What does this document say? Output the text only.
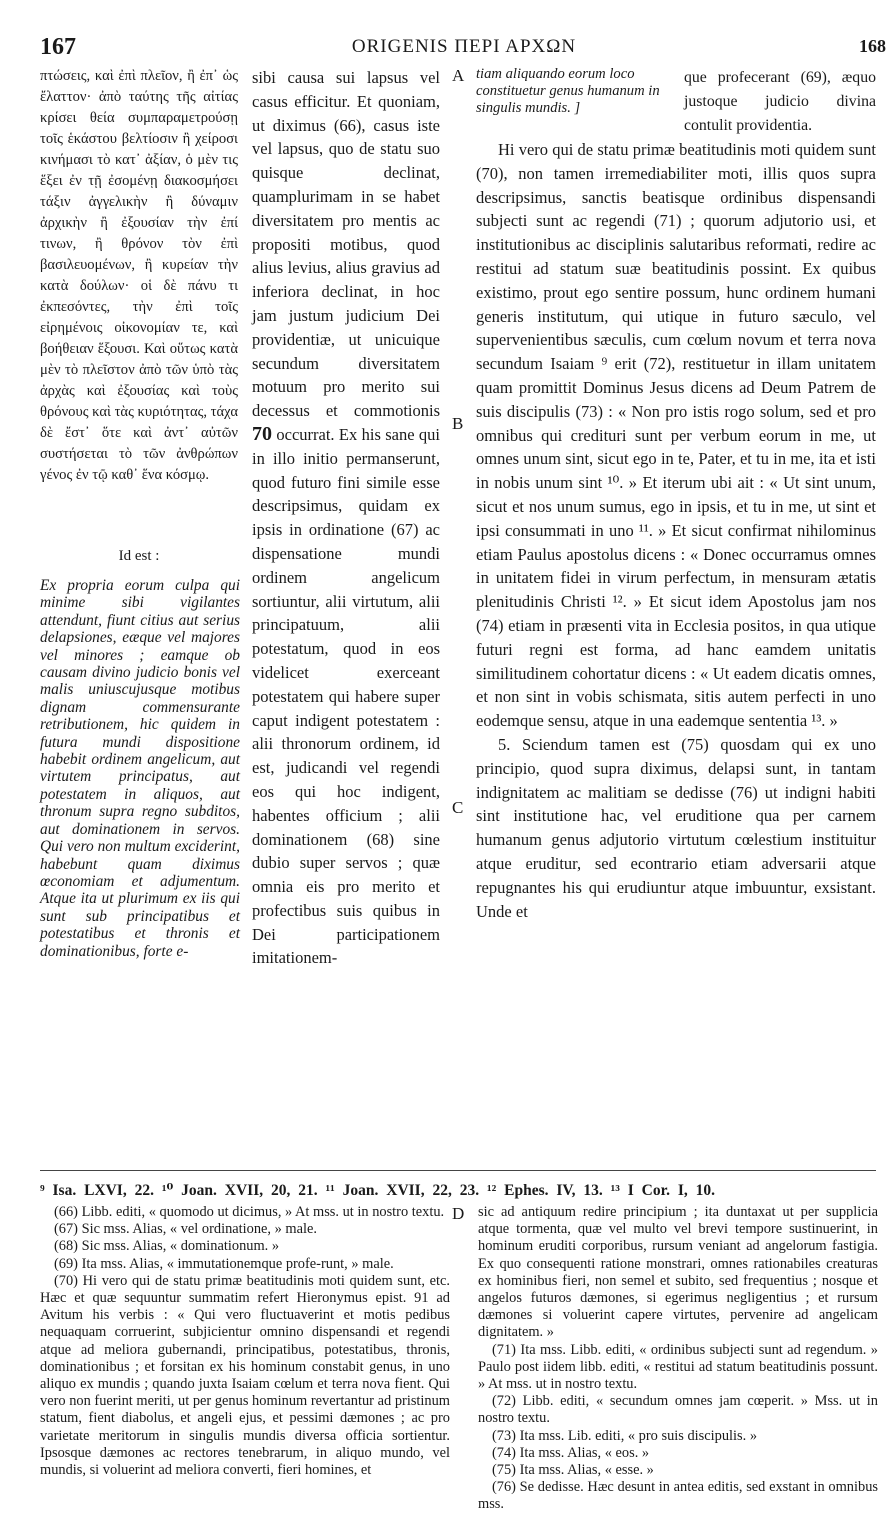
167	ORIGENIS ΠΕΡΙ ΑΡΧΩΝ	168
πτώσεις, καὶ ἐπὶ πλεῖον, ἢ ἐπ᾽ ὡς ἔλαττον· ἀπὸ ταύτης τῆς αἰτίας κρίσει θεία συμπαραμετρούσῃ τοῖς ἑκάστου βελτίοσιν ἢ χείροσι κινήμασι τὸ κατ᾽ ἀξίαν, ὁ μὲν τις ἕξει ἐν τῇ ἐσομένῃ διακοσμήσει τάξιν ἀγγελικὴν ἢ δύναμιν ἀρχικὴν ἢ ἐξουσίαν τὴν ἐπί τινων, ἢ θρόνον τὸν ἐπὶ βασιλευομένων, ἢ κυρείαν τὴν κατὰ δούλων· οἱ δὲ πάνυ τι ἐκπεσόντες, τὴν ἐπὶ τοῖς εἰρημένοις οἰκονομίαν τε, καὶ βοήθειαν ἕξουσι. Καὶ οὕτως κατὰ μὲν τὸ πλεῖστον ἀπὸ τῶν ὑπὸ τὰς ἀρχὰς καὶ ἐξουσίας καὶ τοὺς θρόνους καὶ τὰς κυριότητας, τάχα δὲ ἔστ᾽ ὅτε καὶ ἀντ᾽ αὐτῶν συστήσεται τὸ τῶν ἀνθρώπων γένος ἐν τῷ καθ᾽ ἕνα κόσμῳ.
Id est :
Ex propria eorum culpa qui minime sibi vigilantes attendunt, fiunt citius aut serius delapsiones, eæque vel majores vel minores ; eamque ob causam divino judicio bonis vel malis uniuscujusque motibus dignam commensurante retributionem, hic quidem in futura mundi dispositione habebit ordinem angelicum, aut virtutem principatus, aut potestatem in aliquos, aut thronum supra regno subditos, aut dominationem in servos. Qui vero non multum exciderint, habebunt quam diximus œconomiam et adjumentum. Atque ita ut plurimum ex iis qui sunt sub principatibus et potestatibus et thronis et dominationibus, forte e-
sibi causa sui lapsus vel casus efficitur. Et quoniam, ut diximus (66), casus iste vel lapsus, quo de statu suo quisque declinat, quamplurimam in se habet diversitatem pro mentis ac propositi motibus, quod alius levius, alius gravius ad inferiora declinat, in hoc jam justum judicium Dei providentiæ, ut unicuique secundum diversitatem motuum pro merito sui decessus et commotionis 70 occurrat. Ex his sane qui in illo initio permanserunt, quod futuro fini simile esse descripsimus, quidam ex ipsis in ordinatione (67) ac dispensatione mundi ordinem angelicum sortiuntur, alii virtutum, alii principatuum, alii potestatum, quod in eos videlicet exerceant potestatem qui habere super caput indigent potestatem : alii thronorum ordinem, id est, judicandi vel regendi eos qui hoc indigent, habentes officium ; alii dominationem (68) sine dubio super servos ; quæ omnia eis pro merito et profectibus suis quibus in Dei participationem imitationem-
A
B
C
D
tiam aliquando eorum loco constituetur genus humanum in singulis mundis. ]
que profecerant (69), æquo justoque judicio divina contulit providentia.

Hi vero qui de statu primæ beatitudinis moti quidem sunt (70), non tamen irremediabiliter moti, illis quos supra descripsimus, sanctis beatisque ordinibus dispensandi subjecti sunt ac regendi (71) ; quorum adjutorio usi, et institutionibus ac disciplinis salutaribus reformati, redire ac restitui ad statum suæ beatitudinis possint. Ex quibus existimo, prout ego sentire possum, hunc ordinem humani generis institutum, qui utique in futuro sæculo, vel supervenientibus sæculis, cum cœlum novum et terra nova secundum Isaiam ⁹ erit (72), restituetur in illam unitatem quam promittit Dominus Jesus dicens ad Deum Patrem de suis discipulis (73) : « Non pro istis rogo solum, sed et pro omnibus qui credituri sunt per verbum eorum in me, ut omnes unum sint, sicut ego in te, Pater, et tu in me, ita et isti in nobis unum sint ¹⁰. » Et iterum ubi ait : « Ut sint unum, sicut et nos unum sumus, ego in ipsis, et tu in me, ut sint et ipsi consummati in uno ¹¹. » Et sicut confirmat nihilominus etiam Paulus apostolus dicens : « Donec occurramus omnes in unitatem fidei in virum perfectum, in mensuram ætatis plenitudinis Christi ¹². » Et sicut idem Apostolus jam nos (74) etiam in præsenti vita in Ecclesia positos, in qua utique futuri regni est forma, ad hanc eamdem unitatis similitudinem cohortatur dicens : « Ut eadem dicatis omnes, et non sint in vobis schismata, sitis autem perfecti in uno eodemque sensu, atque in una eademque sententia ¹³. »

5. Sciendum tamen est (75) quosdam qui ex uno principio, quod supra diximus, delapsi sunt, in tantam indignitatem ac malitiam se dedisse (76) ut indigni habiti sint institutione hac, vel eruditione qua per carnem humanum genus adjutorio virtutum cœlestium instituitur atque eruditur, sed econtrario etiam adversarii atque repugnantes his qui erudiuntur atque imbuuntur, exsistant. Unde et

⁹ Isa. LXVI, 22. ¹⁰ Joan. XVII, 20, 21. ¹¹ Joan. XVII, 22, 23. ¹² Ephes. IV, 13. ¹³ I Cor. I, 10.

(66) Libb. editi, « quomodo ut dicimus, » At mss. ut in nostro textu.

(67) Sic mss. Alias, « vel ordinatione, » male.

(68) Sic mss. Alias, « dominationum. »

(69) Ita mss. Alias, « immutationemque profe-runt, » male.

(70) Hi vero qui de statu primæ beatitudinis moti quidem sunt, etc. Hæc et quæ sequuntur summatim refert Hieronymus epist. 91 ad Avitum his verbis : « Qui vero fluctuaverint et motis pedibus nequaquam corruerint, subjicientur omnino dispensandi et regendi atque ad meliora gubernandi, principatibus, potestatibus, thronis, dominationibus ; et forsitan ex his hominum constabit genus, in uno aliquo ex mundis ; quando juxta Isaiam cœlum et terra nova fient. Qui vero non fuerint meriti, ut per genus hominum revertantur ad pristinum statum, fient diabolus, et angeli ejus, et pessimi dæmones ; ac pro varietate meritorum in singulis mundis diversa officia sortientur. Ipsosque dæmones ac rectores tenebrarum, in aliquo mundo, vel mundis, si voluerint ad meliora converti, fieri homines, et

sic ad antiquum redire principium ; ita duntaxat ut per supplicia atque tormenta, quæ vel multo vel brevi tempore sustinuerint, in hominum eruditi corporibus, rursum veniant ad angelorum fastigia. Ex quo consequenti ratione monstrari, omnes rationabiles creaturas ex hominibus fieri, non semel et subito, sed frequentius ; nosque et angelos futuros dæmones, si egerimus negligentius ; et rursum dæmones si voluerint capere virtutes, pervenire ad angelicam dignitatem. »

(71) Ita mss. Libb. editi, « ordinibus subjecti sunt ad regendum. » Paulo post iidem libb. editi, « restitui ad statum beatitudinis possunt. » At mss. ut in nostro textu.

(72) Libb. editi, « secundum omnes jam cœperit. » Mss. ut in nostro textu.

(73) Ita mss. Lib. editi, « pro suis discipulis. »

(74) Ita mss. Alias, « eos. »

(75) Ita mss. Alias, « esse. »

(76) Se dedisse. Hæc desunt in antea editis, sed exstant in omnibus mss.
